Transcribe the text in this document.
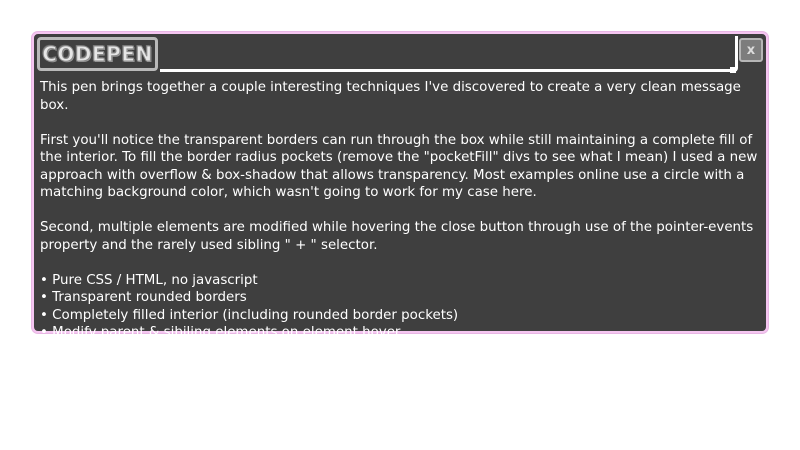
CODEPEN	x

This pen brings together a couple interesting techniques I've discovered to create a very clean message box.

First you'll notice the transparent borders can run through the box while still maintaining a complete fill of the interior. To fill the border radius pockets (remove the "pocketFill" divs to see what I mean) I used a new approach with overflow & box-shadow that allows transparency. Most examples online use a circle with a matching background color, which wasn't going to work for my case here.

Second, multiple elements are modified while hovering the close button through use of the pointer-events property and the rarely used sibling " + " selector.

• Pure CSS / HTML, no javascript
• Transparent rounded borders
• Completely filled interior (including rounded border pockets)
• Modify parent & sibiling elements on element hover
